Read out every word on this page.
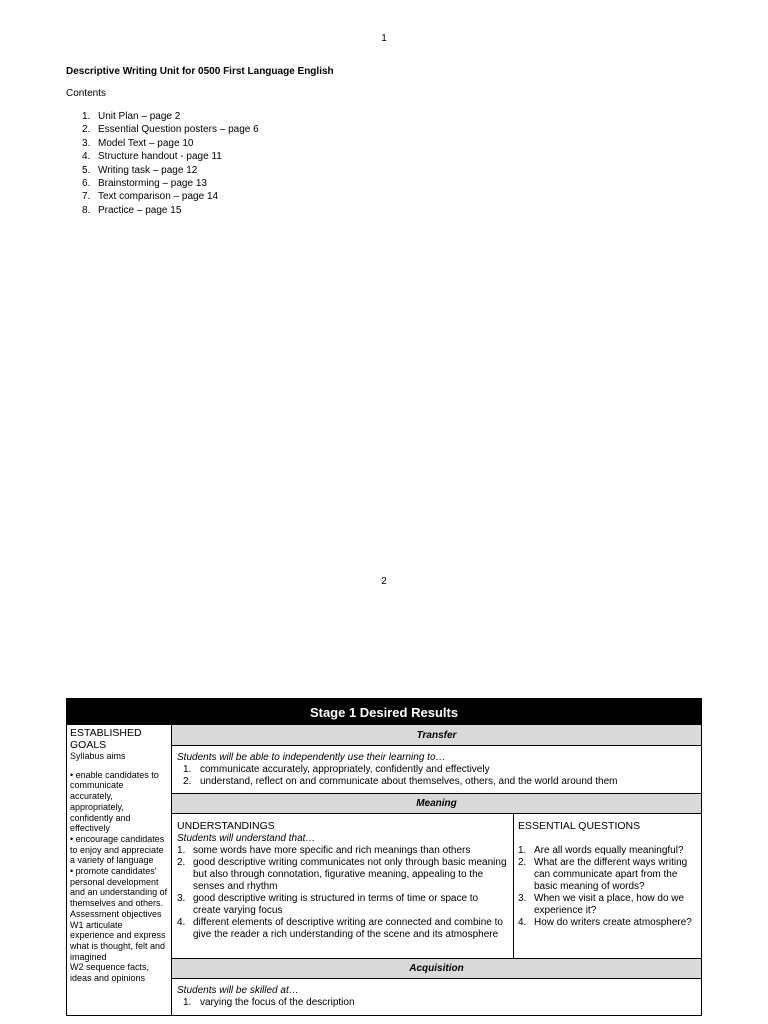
1
Descriptive Writing Unit for 0500 First Language English
Contents
1. Unit Plan – page 2
2. Essential Question posters – page 6
3. Model Text – page 10
4. Structure handout - page 11
5. Writing task – page 12
6. Brainstorming – page 13
7. Text comparison – page 14
8. Practice – page 15
2
Stage 1 Desired Results
ESTABLISHED GOALS
Syllabus aims
• enable candidates to communicate accurately, appropriately, confidently and effectively
• encourage candidates to enjoy and appreciate a variety of language
• promote candidates' personal development and an understanding of themselves and others.
Assessment objectives
W1 articulate experience and express what is thought, felt and imagined
W2 sequence facts, ideas and opinions
Transfer
Students will be able to independently use their learning to…
1. communicate accurately, appropriately, confidently and effectively
2. understand, reflect on and communicate about themselves, others, and the world around them
Meaning
UNDERSTANDINGS
Students will understand that…
1. some words have more specific and rich meanings than others
2. good descriptive writing communicates not only through basic meaning but also through connotation, figurative meaning, appealing to the senses and rhythm
3. good descriptive writing is structured in terms of time or space to create varying focus
4. different elements of descriptive writing are connected and combine to give the reader a rich understanding of the scene and its atmosphere
ESSENTIAL QUESTIONS
1. Are all words equally meaningful?
2. What are the different ways writing can communicate apart from the basic meaning of words?
3. When we visit a place, how do we experience it?
4. How do writers create atmosphere?
Acquisition
Students will be skilled at…
1. varying the focus of the description
